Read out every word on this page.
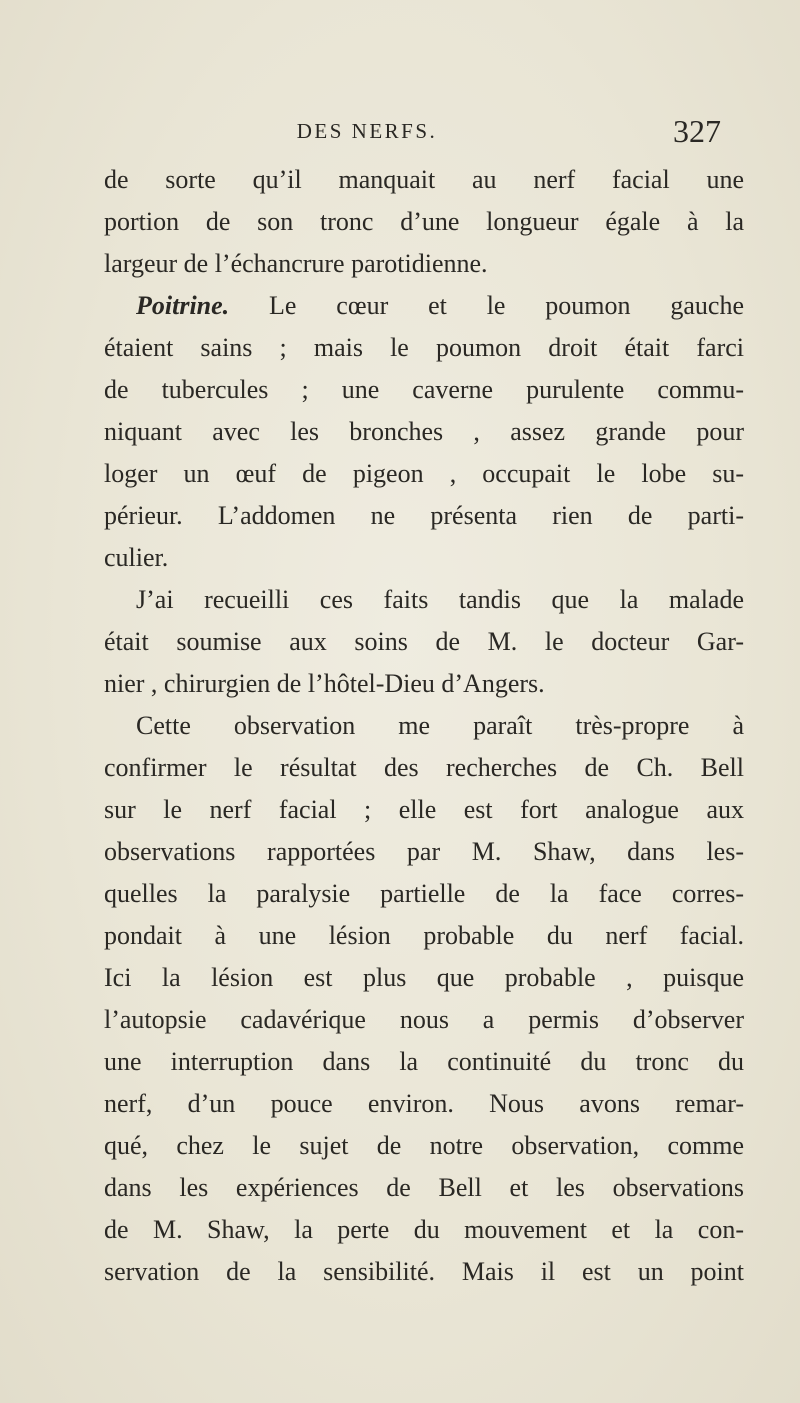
DES NERFS.	327
de sorte qu’il manquait au nerf facial une
portion de son tronc d’une longueur égale à la
largeur de l’échancrure parotidienne.
Poitrine. Le cœur et le poumon gauche
étaient sains ; mais le poumon droit était farci
de tubercules ; une caverne purulente commu-
niquant avec les bronches , assez grande pour
loger un œuf de pigeon , occupait le lobe su-
périeur. L’addomen ne présenta rien de parti-
culier.
J’ai recueilli ces faits tandis que la malade
était soumise aux soins de M. le docteur Gar-
nier , chirurgien de l’hôtel-Dieu d’Angers.
Cette observation me paraît très-propre à
confirmer le résultat des recherches de Ch. Bell
sur le nerf facial ; elle est fort analogue aux
observations rapportées par M. Shaw, dans les-
quelles la paralysie partielle de la face corres-
pondait à une lésion probable du nerf facial.
Ici la lésion est plus que probable , puisque
l’autopsie cadavérique nous a permis d’observer
une interruption dans la continuité du tronc du
nerf, d’un pouce environ. Nous avons remar-
qué, chez le sujet de notre observation, comme
dans les expériences de Bell et les observations
de M. Shaw, la perte du mouvement et la con-
servation de la sensibilité. Mais il est un point
